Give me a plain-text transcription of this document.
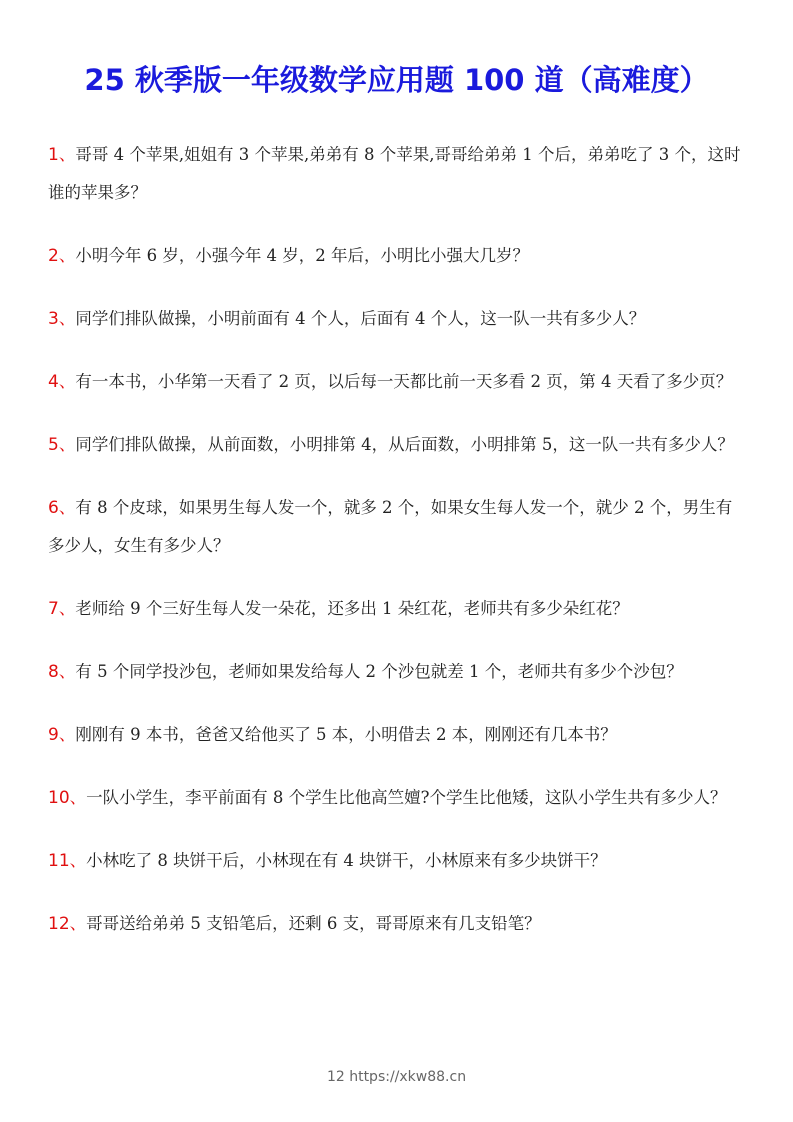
25 秋季版一年级数学应用题 100 道（高难度）
1、哥哥 4 个苹果,姐姐有 3 个苹果,弟弟有 8 个苹果,哥哥给弟弟 1 个后，弟弟吃了 3 个，这时谁的苹果多？
2、小明今年 6 岁，小强今年 4 岁，2 年后，小明比小强大几岁？
3、同学们排队做操，小明前面有 4 个人，后面有 4 个人，这一队一共有多少人？
4、有一本书，小华第一天看了 2 页，以后每一天都比前一天多看 2 页，第 4 天看了多少页？
5、同学们排队做操，从前面数，小明排第 4，从后面数，小明排第 5，这一队一共有多少人？
6、有 8 个皮球，如果男生每人发一个，就多 2 个，如果女生每人发一个，就少 2 个，男生有多少人，女生有多少人？
7、老师给 9 个三好生每人发一朵花，还多出 1 朵红花，老师共有多少朵红花？
8、有 5 个同学投沙包，老师如果发给每人 2 个沙包就差 1 个，老师共有多少个沙包？
9、刚刚有 9 本书，爸爸又给他买了 5 本，小明借去 2 本，刚刚还有几本书？
10、一队小学生，李平前面有 8 个学生比他高竺嬗?个学生比他矮，这队小学生共有多少人？
11、小林吃了 8 块饼干后，小林现在有 4 块饼干，小林原来有多少块饼干？
12、哥哥送给弟弟 5 支铅笔后，还剩 6 支，哥哥原来有几支铅笔？
12 https://xkw88.cn
